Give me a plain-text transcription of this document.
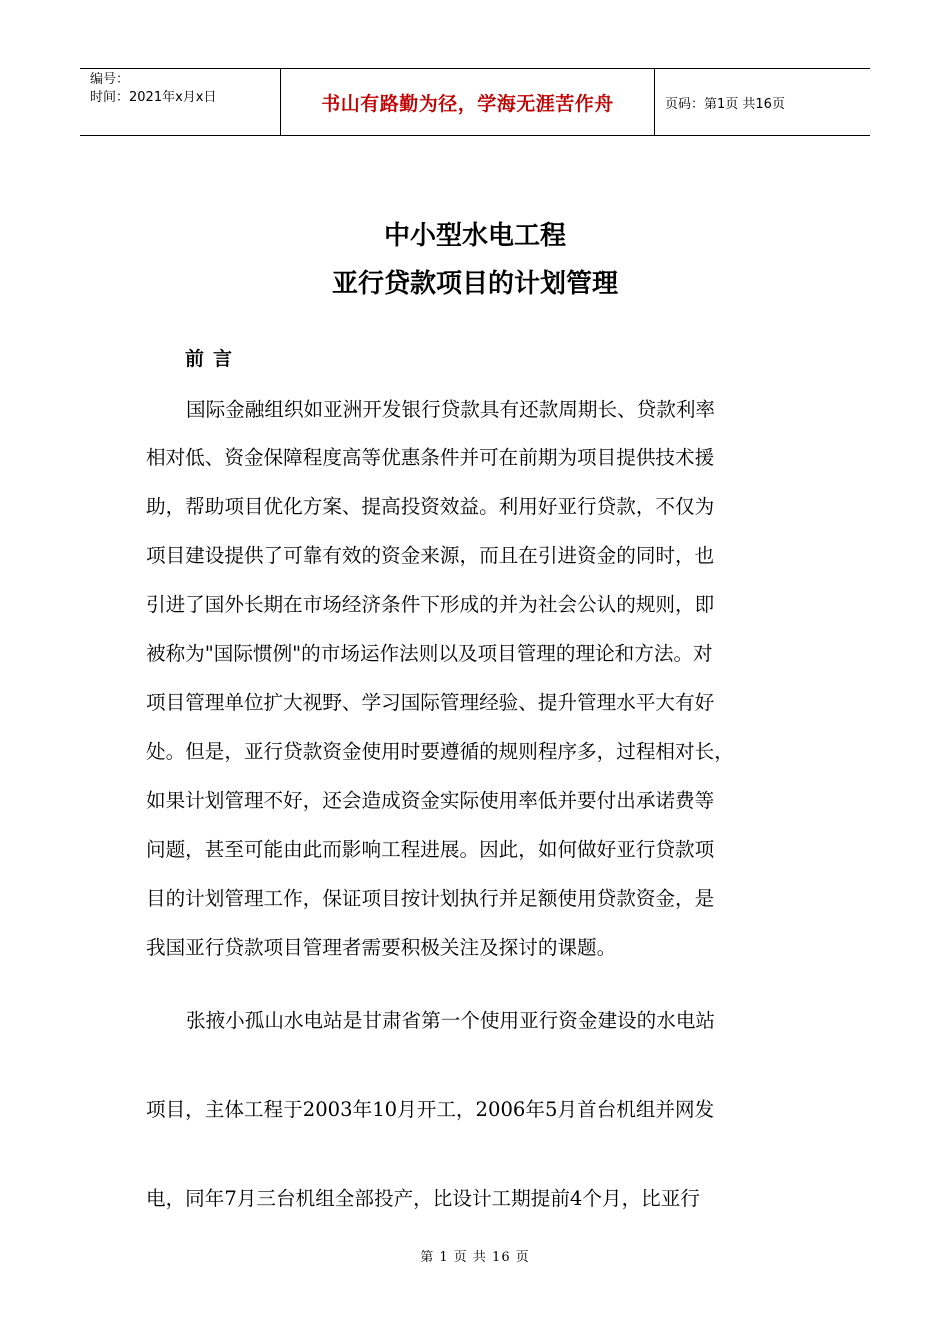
编号：
时间：2021年x月x日	书山有路勤为径，学海无涯苦作舟	页码：第1页 共16页
中小型水电工程
亚行贷款项目的计划管理
前言
国际金融组织如亚洲开发银行贷款具有还款周期长、贷款利率
相对低、资金保障程度高等优惠条件并可在前期为项目提供技术援
助，帮助项目优化方案、提高投资效益。利用好亚行贷款，不仅为
项目建设提供了可靠有效的资金来源，而且在引进资金的同时，也
引进了国外长期在市场经济条件下形成的并为社会公认的规则，即
被称为"国际惯例"的市场运作法则以及项目管理的理论和方法。对
项目管理单位扩大视野、学习国际管理经验、提升管理水平大有好
处。但是，亚行贷款资金使用时要遵循的规则程序多，过程相对长，
如果计划管理不好，还会造成资金实际使用率低并要付出承诺费等
问题，甚至可能由此而影响工程进展。因此，如何做好亚行贷款项
目的计划管理工作，保证项目按计划执行并足额使用贷款资金，是
我国亚行贷款项目管理者需要积极关注及探讨的课题。
张掖小孤山水电站是甘肃省第一个使用亚行资金建设的水电站
项目，主体工程于2003年10月开工，2006年5月首台机组并网发
电，同年7月三台机组全部投产，比设计工期提前4个月，比亚行
第 1 页 共 16 页
